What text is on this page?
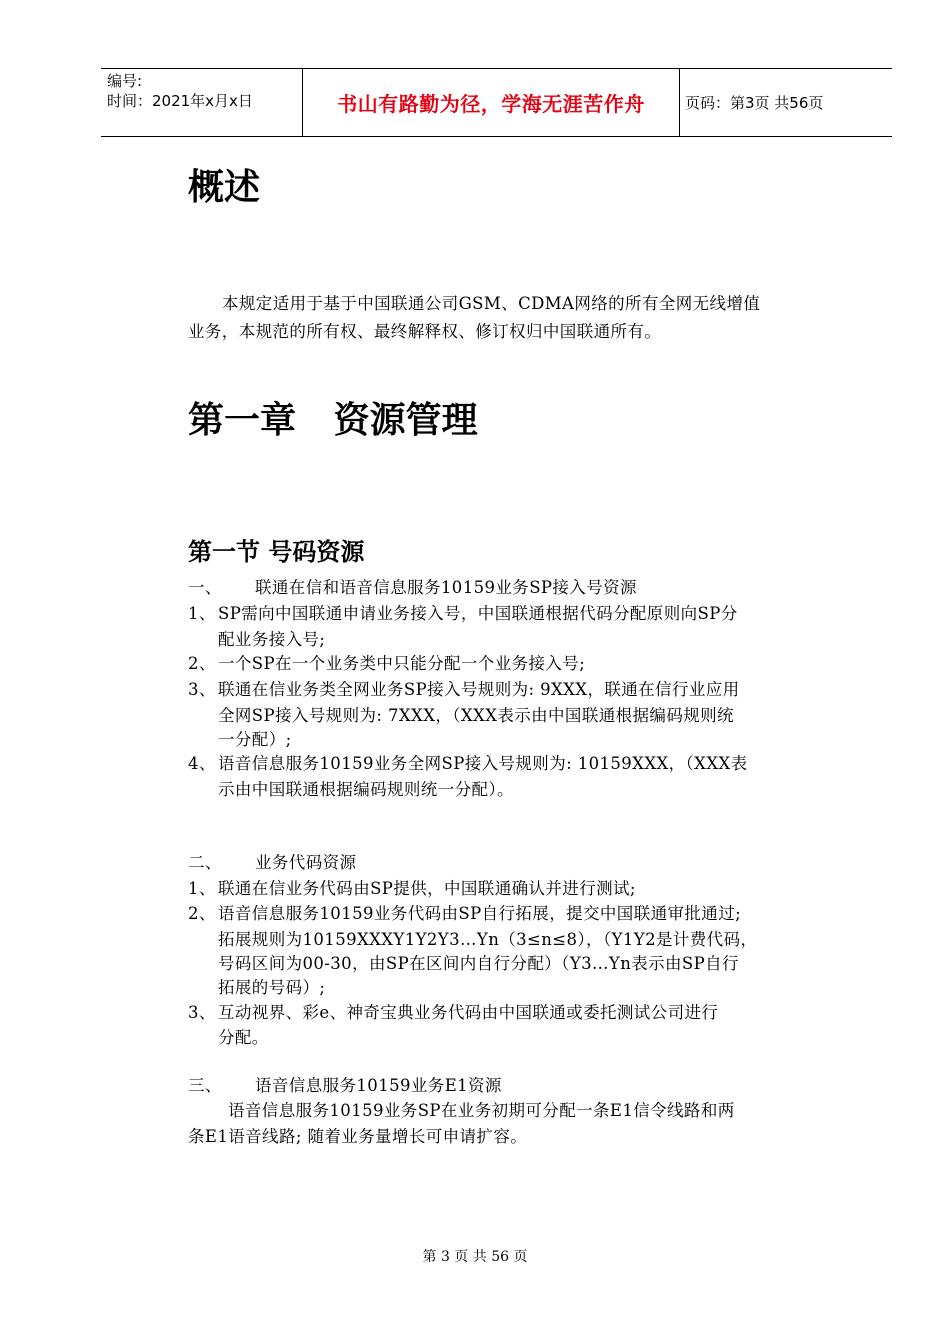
编号:
时间：2021年x月x日	书山有路勤为径，学海无涯苦作舟	页码：第3页 共56页
概述
本规定适用于基于中国联通公司GSM、CDMA网络的所有全网无线增值
业务，本规范的所有权、最终解释权、修订权归中国联通所有。
第一章   资源管理
第一节 号码资源
一、 联通在信和语音信息服务10159业务SP接入号资源
1、 SP需向中国联通申请业务接入号，中国联通根据代码分配原则向SP分
配业务接入号;
2、 一个SP在一个业务类中只能分配一个业务接入号;
3、 联通在信业务类全网业务SP接入号规则为: 9XXX，联通在信行业应用
全网SP接入号规则为: 7XXX，（XXX表示由中国联通根据编码规则统
一分配）;
4、 语音信息服务10159业务全网SP接入号规则为: 10159XXX，（XXX表
示由中国联通根据编码规则统一分配）。
二、 业务代码资源
1、 联通在信业务代码由SP提供，中国联通确认并进行测试;
2、 语音信息服务10159业务代码由SP自行拓展，提交中国联通审批通过;
拓展规则为10159XXXY1Y2Y3…Yn（3≤n≤8），（Y1Y2是计费代码，
号码区间为00-30，由SP在区间内自行分配）（Y3…Yn表示由SP自行
拓展的号码）;
3、 互动视界、彩e、神奇宝典业务代码由中国联通或委托测试公司进行
分配。
三、 语音信息服务10159业务E1资源
语音信息服务10159业务SP在业务初期可分配一条E1信令线路和两
条E1语音线路; 随着业务量增长可申请扩容。
第 3 页 共 56 页
